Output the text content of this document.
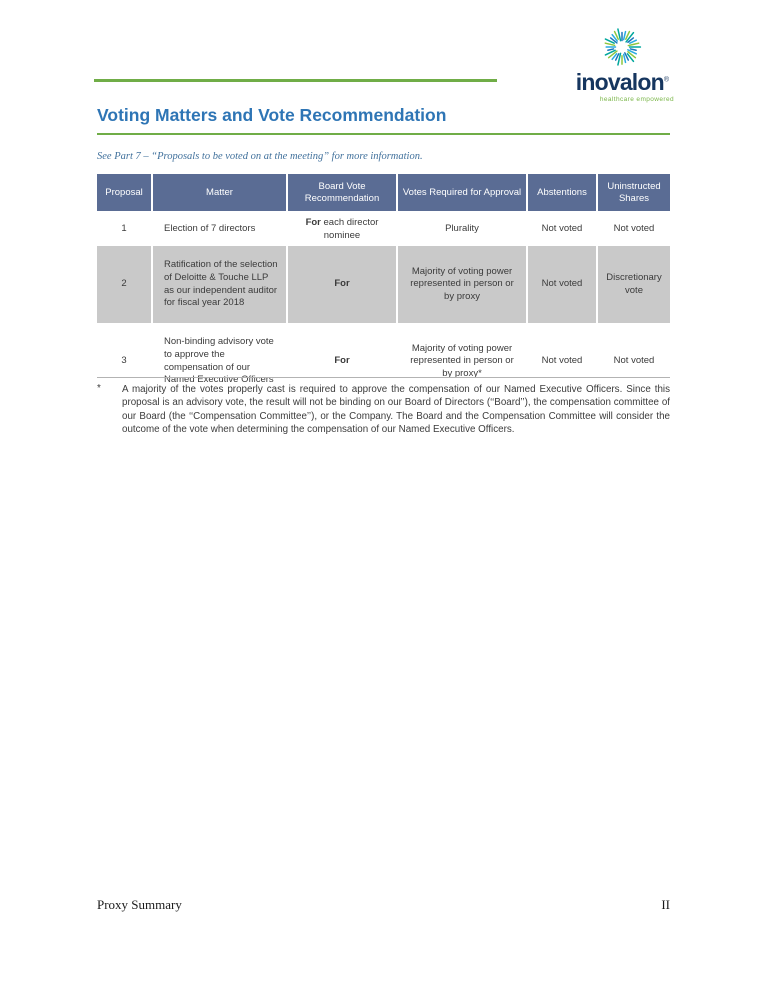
inovalon®
healthcare empowered
Voting Matters and Vote Recommendation
See Part 7 – “Proposals to be voted on at the meeting” for more information.
Proposal	Matter	Board Vote Recommendation	Votes Required for Approval	Abstentions	Uninstructed Shares
1	Election of 7 directors	For each director nominee	Plurality	Not voted	Not voted
2	Ratification of the selection of Deloitte & Touche LLP as our independent auditor for fiscal year 2018	For	Majority of voting power represented in person or by proxy	Not voted	Discretionary vote
3	Non-binding advisory vote to approve the compensation of our Named Executive Officers	For	Majority of voting power represented in person or by proxy*	Not voted	Not voted
*	A majority of the votes properly cast is required to approve the compensation of our Named Executive Officers. Since this proposal is an advisory vote, the result will not be binding on our Board of Directors (‘‘Board’’), the compensation committee of our Board (the ‘‘Compensation Committee’’), or the Company. The Board and the Compensation Committee will consider the outcome of the vote when determining the compensation of our Named Executive Officers.
Proxy Summary	II
